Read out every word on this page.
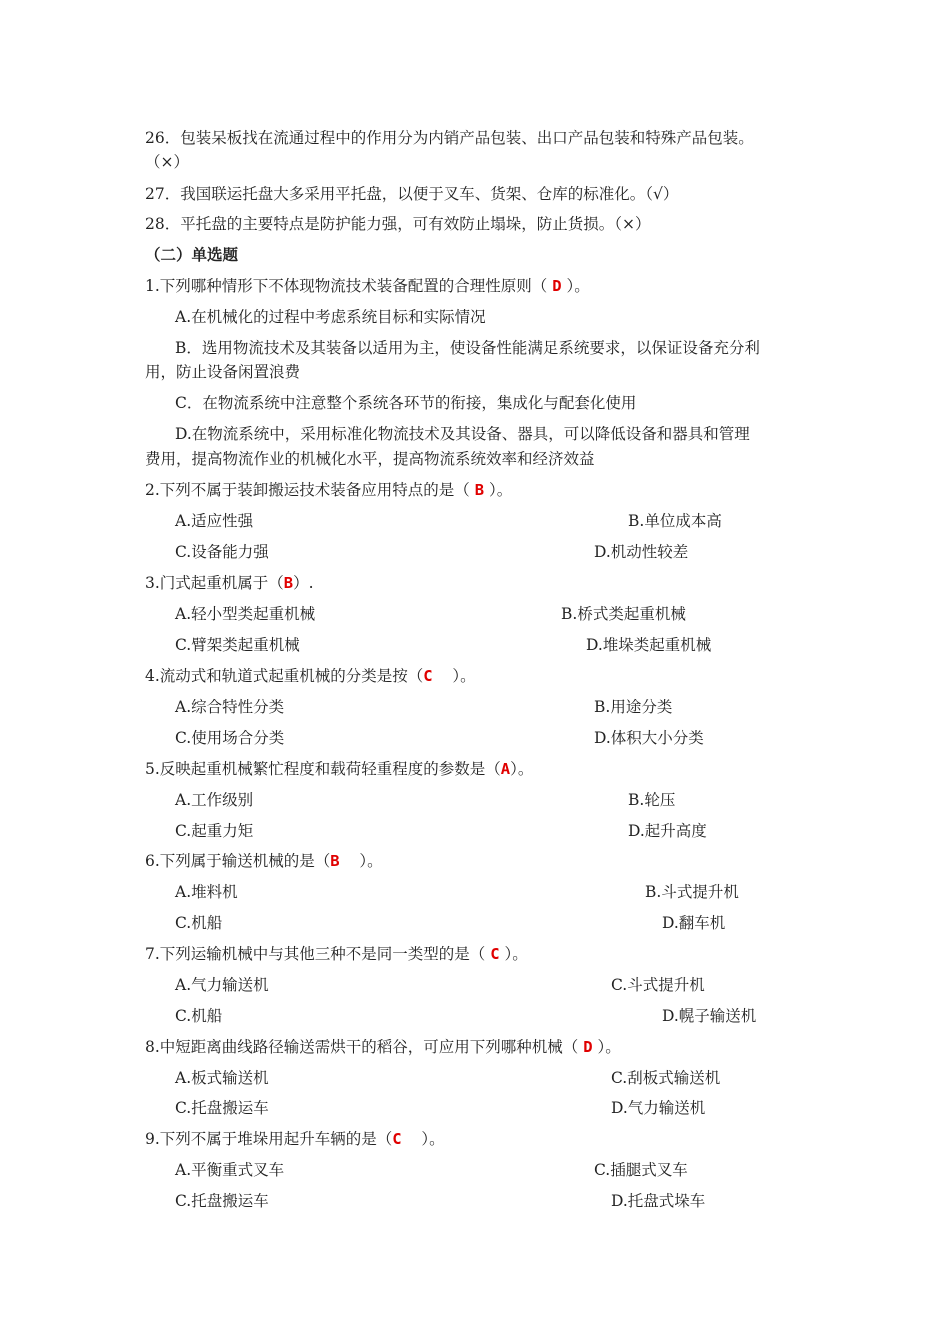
26．包装呆板找在流通过程中的作用分为内销产品包装、出口产品包装和特殊产品包装。
（×）
27．我国联运托盘大多采用平托盘，以便于叉车、货架、仓库的标准化。（√）
28．平托盘的主要特点是防护能力强，可有效防止塌垛，防止货损。（×）
（二）单选题
1.下列哪种情形下不体现物流技术装备配置的合理性原则（ D ）。
A.在机械化的过程中考虑系统目标和实际情况
B．选用物流技术及其装备以适用为主，使设备性能满足系统要求，以保证设备充分利
用，防止设备闲置浪费
C．在物流系统中注意整个系统各环节的衔接，集成化与配套化使用
D.在物流系统中，采用标准化物流技术及其设备、器具，可以降低设备和器具和管理
费用，提高物流作业的机械化水平，提高物流系统效率和经济效益
2.下列不属于装卸搬运技术装备应用特点的是（ B ）。
A.适应性强	B.单位成本高
C.设备能力强	D.机动性较差
3.门式起重机属于（B）.
A.轻小型类起重机械	B.桥式类起重机械
C.臂架类起重机械	D.堆垛类起重机械
4.流动式和轨道式起重机械的分类是按（C    ）。
A.综合特性分类	B.用途分类
C.使用场合分类	D.体积大小分类
5.反映起重机械繁忙程度和载荷轻重程度的参数是（A）。
A.工作级别	B.轮压
C.起重力矩	D.起升高度
6.下列属于输送机械的是（B    ）。
A.堆料机	B.斗式提升机
C.机船	D.翻车机
7.下列运输机械中与其他三种不是同一类型的是（ C ）。
A.气力输送机	C.斗式提升机
C.机船	D.幌子输送机
8.中短距离曲线路径输送需烘干的稻谷，可应用下列哪种机械（ D ）。
A.板式输送机	C.刮板式输送机
C.托盘搬运车	D.气力输送机
9.下列不属于堆垛用起升车辆的是（C    ）。
A.平衡重式叉车	C.插腿式叉车
C.托盘搬运车	D.托盘式垛车
